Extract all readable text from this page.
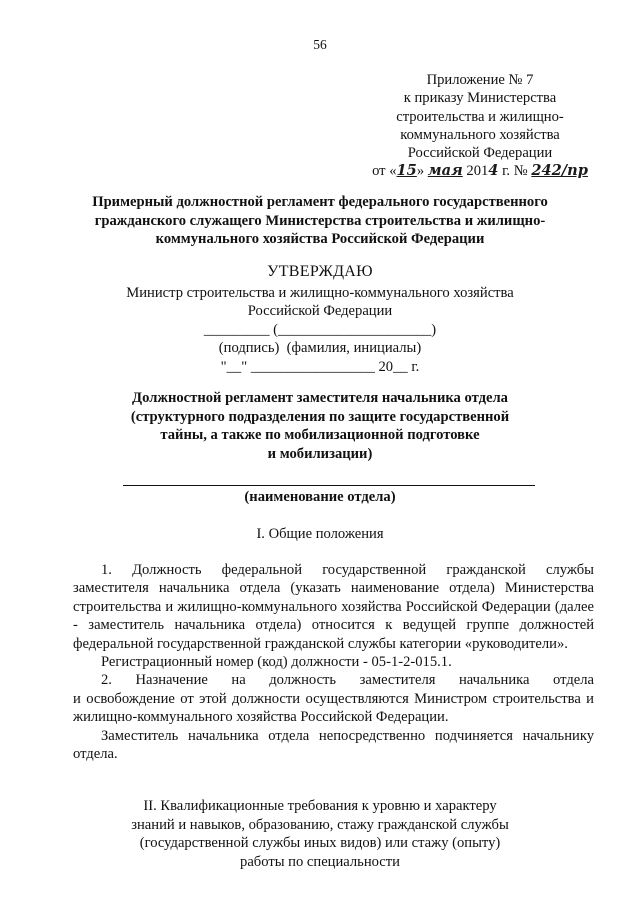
56
Приложение № 7
к приказу Министерства
строительства и жилищно-
коммунального хозяйства
Российской Федерации
от «15» мая 2014 г. № 242/пр
Примерный должностной регламент федерального государственного гражданского служащего Министерства строительства и жилищно-коммунального хозяйства Российской Федерации
УТВЕРЖДАЮ
Министр строительства и жилищно-коммунального хозяйства
Российской Федерации
_________ (_____________________)
(подпись)  (фамилия, инициалы)
"__" _________________ 20__ г.
Должностной регламент заместителя начальника отдела
(структурного подразделения по защите государственной
тайны, а также по мобилизационной подготовке
и мобилизации)
(наименование отдела)
I. Общие положения
1. Должность федеральной государственной гражданской службы

заместителя начальника отдела (указать наименование отдела) Министерства строительства и жилищно-коммунального хозяйства Российской Федерации (далее - заместитель начальника отдела) относится к ведущей группе должностей федеральной государственной гражданской службы категории «руководители».

Регистрационный номер (код) должности - 05-1-2-015.1.

2. Назначение на должность заместителя начальника отдела

и освобождение от этой должности осуществляются Министром строительства и жилищно-коммунального хозяйства Российской Федерации.

Заместитель начальника отдела непосредственно подчиняется начальнику отдела.

II. Квалификационные требования к уровню и характеру
знаний и навыков, образованию, стажу гражданской службы
(государственной службы иных видов) или стажу (опыту)
работы по специальности
